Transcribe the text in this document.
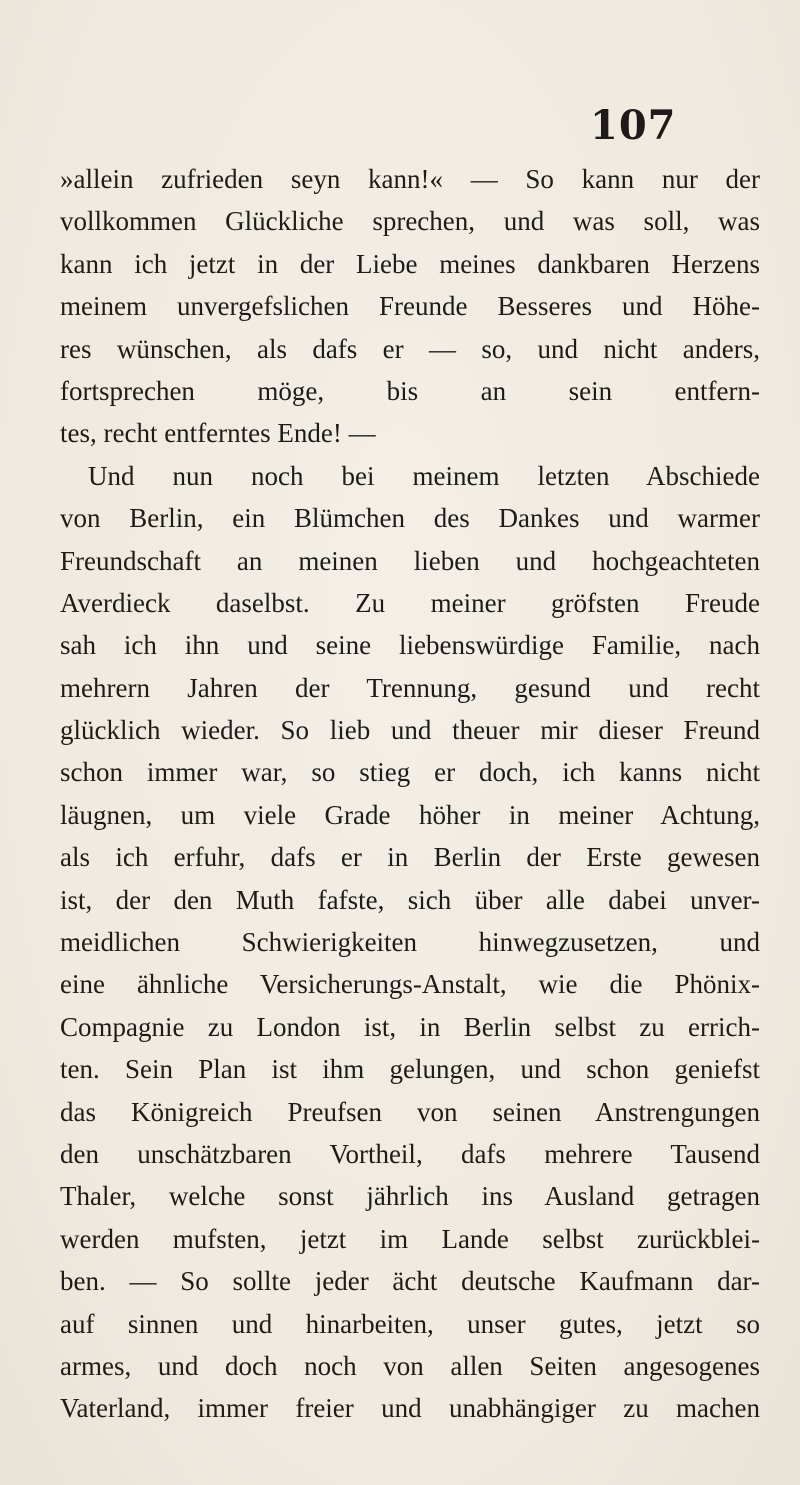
107
»allein zufrieden seyn kann!« — So kann nur der
vollkommen Glückliche sprechen, und was soll, was
kann ich jetzt in der Liebe meines dankbaren Herzens
meinem unvergefslichen Freunde Besseres und Höhe-
res wünschen, als dafs er — so, und nicht anders,
fortsprechen möge, bis an sein entfern-
tes, recht entferntes Ende! —
Und nun noch bei meinem letzten Abschiede
von Berlin, ein Blümchen des Dankes und warmer
Freundschaft an meinen lieben und hochgeachteten
Averdieck daselbst. Zu meiner gröfsten Freude
sah ich ihn und seine liebenswürdige Familie, nach
mehrern Jahren der Trennung, gesund und recht
glücklich wieder. So lieb und theuer mir dieser Freund
schon immer war, so stieg er doch, ich kanns nicht
läugnen, um viele Grade höher in meiner Achtung,
als ich erfuhr, dafs er in Berlin der Erste gewesen
ist, der den Muth fafste, sich über alle dabei unver-
meidlichen Schwierigkeiten hinwegzusetzen, und
eine ähnliche Versicherungs-Anstalt, wie die Phönix-
Compagnie zu London ist, in Berlin selbst zu errich-
ten. Sein Plan ist ihm gelungen, und schon geniefst
das Königreich Preufsen von seinen Anstrengungen
den unschätzbaren Vortheil, dafs mehrere Tausend
Thaler, welche sonst jährlich ins Ausland getragen
werden mufsten, jetzt im Lande selbst zurückblei-
ben. — So sollte jeder ächt deutsche Kaufmann dar-
auf sinnen und hinarbeiten, unser gutes, jetzt so
armes, und doch noch von allen Seiten angesogenes
Vaterland, immer freier und unabhängiger zu machen
